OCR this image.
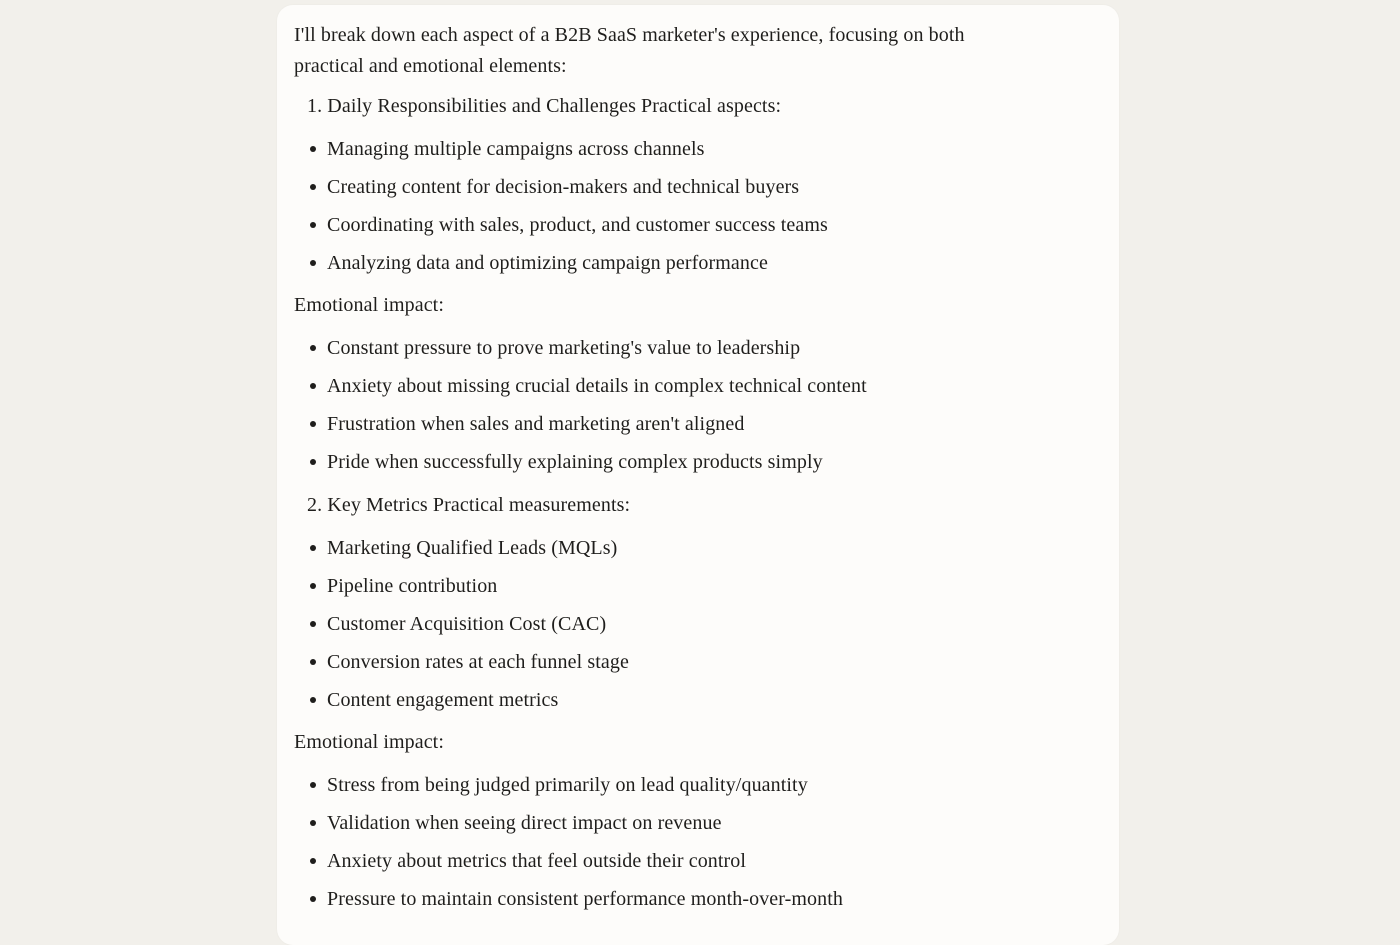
I'll break down each aspect of a B2B SaaS marketer's experience, focusing on both practical and emotional elements:

1. Daily Responsibilities and Challenges Practical aspects:
Managing multiple campaigns across channels
Creating content for decision-makers and technical buyers
Coordinating with sales, product, and customer success teams
Analyzing data and optimizing campaign performance

Emotional impact:

Constant pressure to prove marketing's value to leadership
Anxiety about missing crucial details in complex technical content
Frustration when sales and marketing aren't aligned
Pride when successfully explaining complex products simply
2. Key Metrics Practical measurements:
Marketing Qualified Leads (MQLs)
Pipeline contribution
Customer Acquisition Cost (CAC)
Conversion rates at each funnel stage
Content engagement metrics

Emotional impact:

Stress from being judged primarily on lead quality/quantity
Validation when seeing direct impact on revenue
Anxiety about metrics that feel outside their control
Pressure to maintain consistent performance month-over-month
